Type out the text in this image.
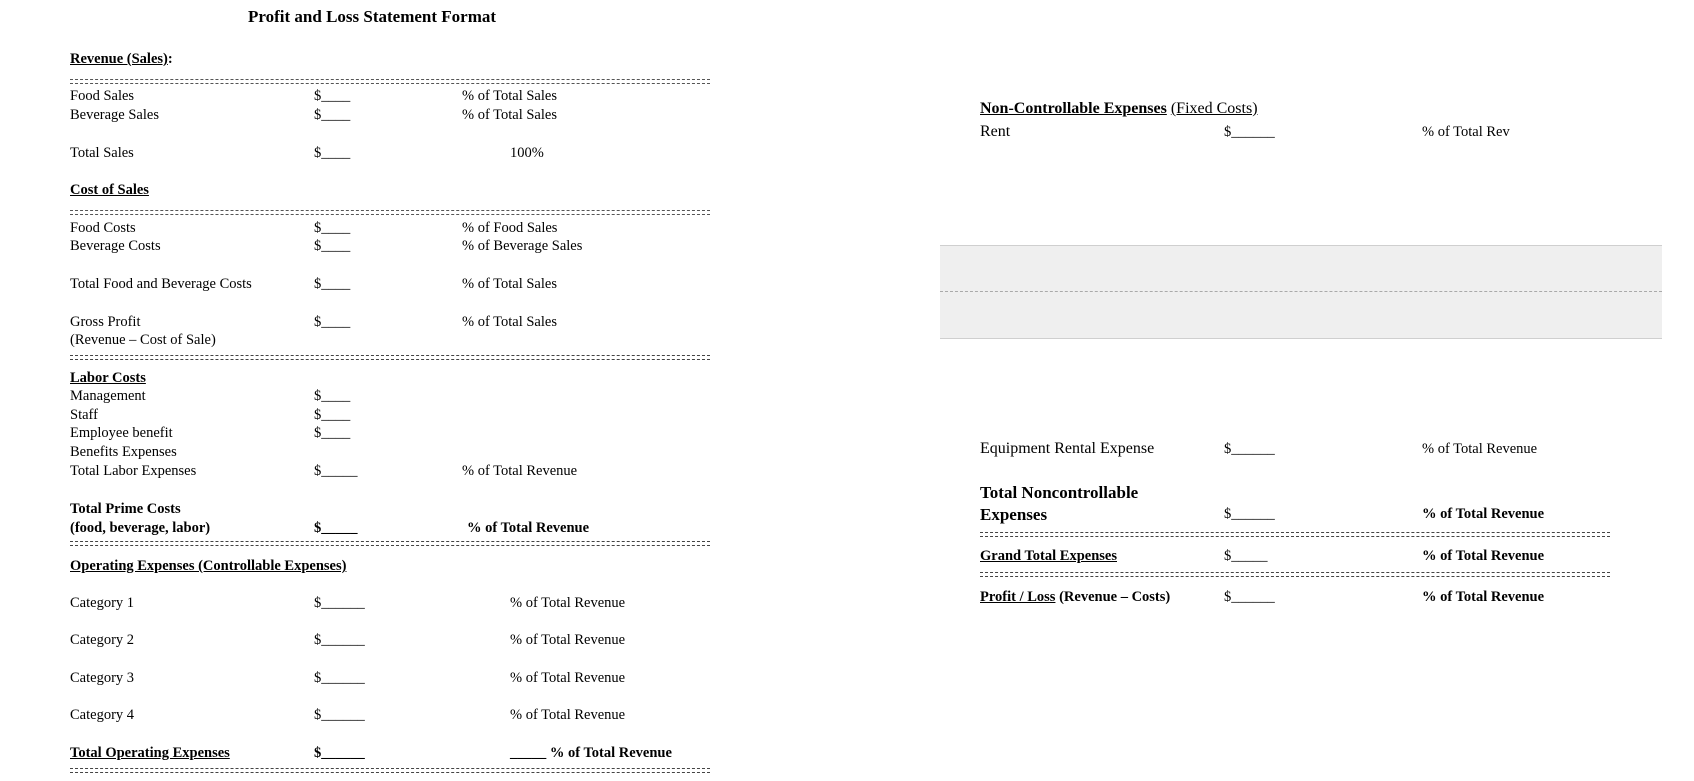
Profit and Loss Statement Format
Revenue (Sales):
Food Sales	$____	% of Total Sales
Beverage Sales	$____	% of Total Sales
Total Sales	$____	100%
Cost of Sales
Food Costs	$____	% of Food Sales
Beverage Costs	$____	% of Beverage Sales
Total Food and Beverage Costs	$____	% of Total Sales
Gross Profit	$____	% of Total Sales
(Revenue – Cost of Sale)
Labor Costs
Management	$____
Staff	$____
Employee benefit	$____
Benefits Expenses
Total Labor Expenses	$_____	% of Total Revenue
Total Prime Costs
(food, beverage, labor)	$_____	% of Total Revenue
Operating Expenses (Controllable Expenses)
Category 1	$______	% of Total Revenue
Category 2	$______	% of Total Revenue
Category 3	$______	% of Total Revenue
Category 4	$______	% of Total Revenue
Total Operating Expenses	$______	_____ % of Total Revenue
Non-Controllable Expenses (Fixed Costs)
Rent	$______	% of Total Rev
Equipment Rental Expense	$______	% of Total Revenue
Total Noncontrollable
Expenses	$______	% of Total Revenue
Grand Total Expenses	$_____	% of Total Revenue
Profit / Loss (Revenue – Costs)	$______	% of Total Revenue
